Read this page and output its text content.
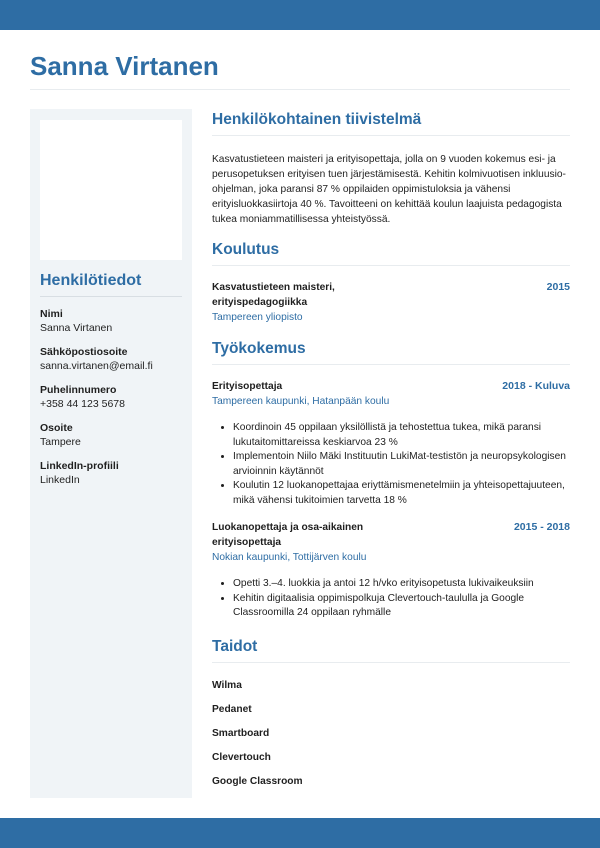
Sanna Virtanen
Henkilötiedot
Nimi
Sanna Virtanen
Sähköpostiosoite
sanna.virtanen@email.fi
Puhelinnumero
+358 44 123 5678
Osoite
Tampere
LinkedIn-profiili
LinkedIn
Henkilökohtainen tiivistelmä

Kasvatustieteen maisteri ja erityisopettaja, jolla on 9 vuoden kokemus esi- ja perusopetuksen erityisen tuen järjestämisestä. Kehitin kolmivuotisen inkluusio-ohjelman, joka paransi 87 % oppilaiden oppimistuloksia ja vähensi erityisluokkasiirtoja 40 %. Tavoitteeni on kehittää koulun laajuista pedagogista tukea moniammatillisessa yhteistyössä.

Koulutus
Kasvatustieteen maisteri, erityispedagogiikka
2015
Tampereen yliopisto
Työkokemus
Erityisopettaja	2018 - Kuluva
Tampereen kaupunki, Hatanpään koulu
• Koordinoin 45 oppilaan yksilöllistä ja tehostettua tukea, mikä paransi lukutaitomittareissa keskiarvoa 23 %
• Implementoin Niilo Mäki Instituutin LukiMat-testistön ja neuropsykologisen arvioinnin käytännöt
• Koulutin 12 luokanopettajaa eriyttämismenetelmiin ja yhteisopettajuuteen, mikä vähensi tukitoimien tarvetta 18 %
Luokanopettaja ja osa-aikainen erityisopettaja
2015 - 2018
Nokian kaupunki, Tottijärven koulu
• Opetti 3.–4. luokkia ja antoi 12 h/vko erityisopetusta lukivaikeuksiin
• Kehitin digitaalisia oppimispolkuja Clevertouch-taululla ja Google Classroomilla 24 oppilaan ryhmälle
Taidot
Wilma
Pedanet
Smartboard
Clevertouch
Google Classroom
